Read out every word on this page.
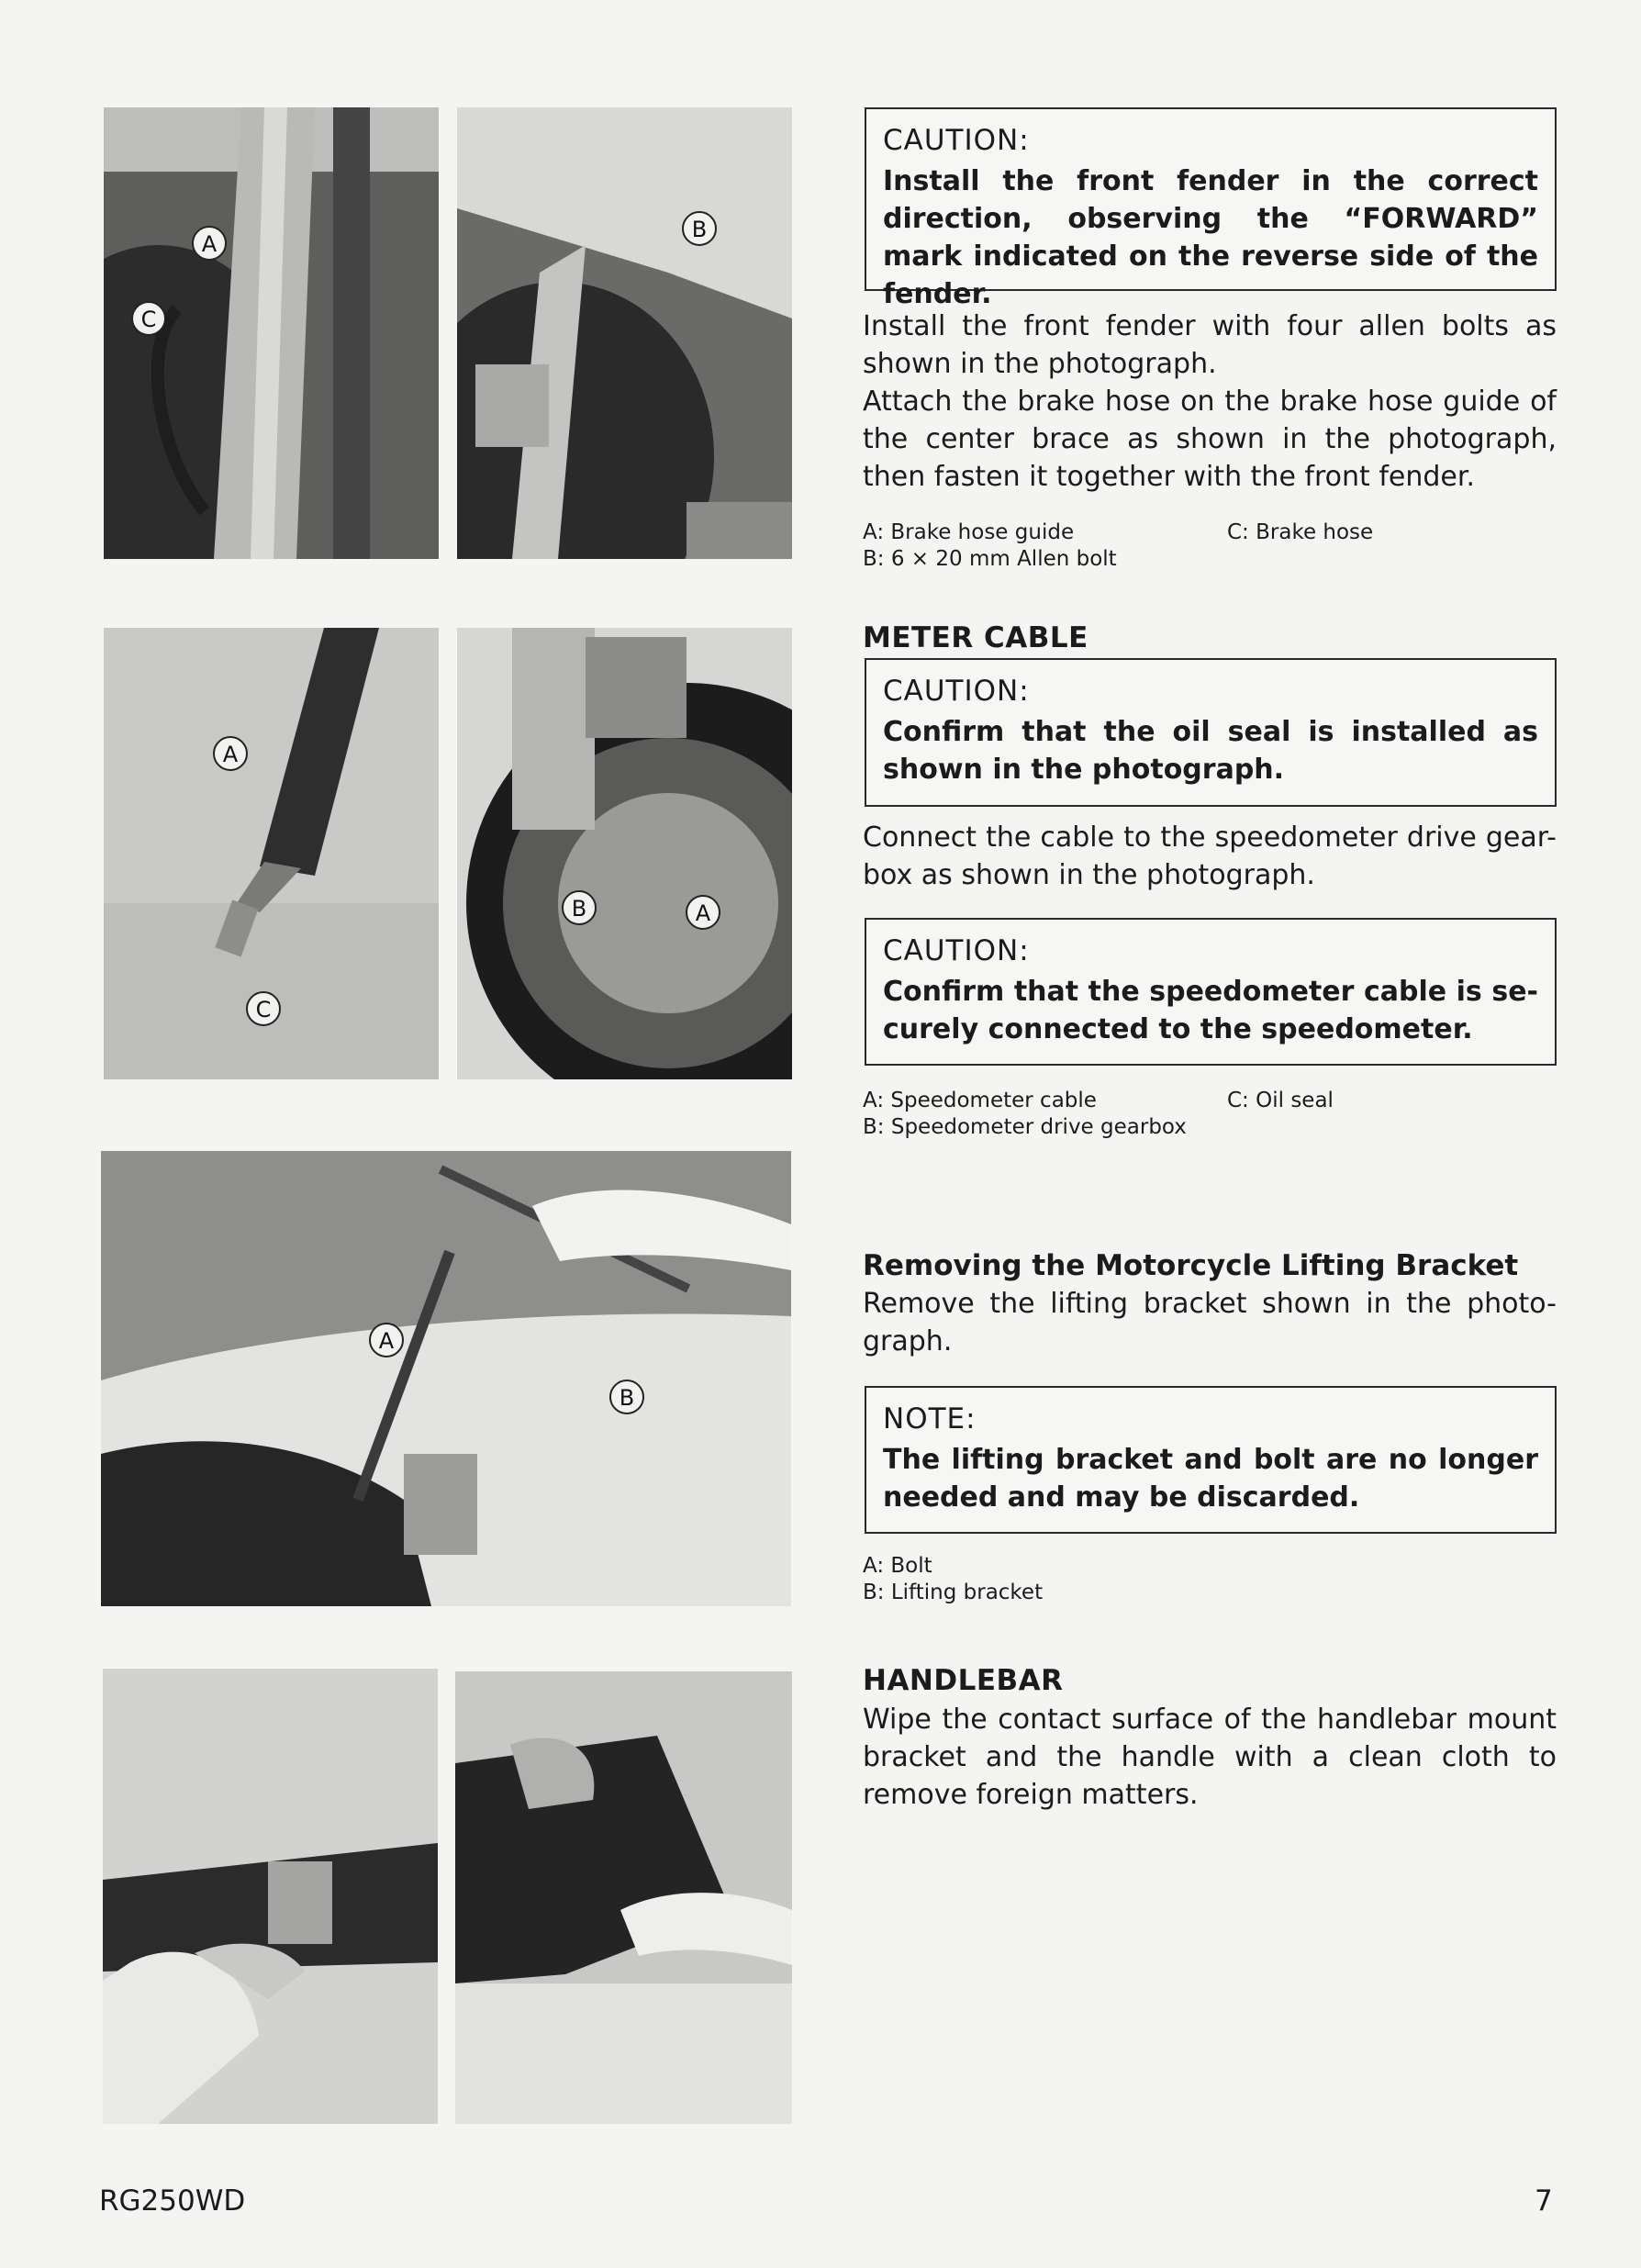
A
C
B
A
C
B	A
A
B
CAUTION:
Install the front fender in the correct direction, observing the “FORWARD” mark indicated on the reverse side of the fender.
Install the front fender with four allen bolts as shown in the photograph.
Attach the brake hose on the brake hose guide of the center brace as shown in the photograph, then fasten it together with the front fender.
A: Brake hose guide	C: Brake hose
B: 6 × 20 mm Allen bolt
METER CABLE
CAUTION:
Confirm that the oil seal is installed as shown in the photograph.
Connect the cable to the speedometer drive gear-box as shown in the photograph.
CAUTION:
Confirm that the speedometer cable is se-curely connected to the speedometer.
A: Speedometer cable	C: Oil seal
B: Speedometer drive gearbox
Removing the Motorcycle Lifting Bracket
Remove the lifting bracket shown in the photo-graph.
NOTE:
The lifting bracket and bolt are no longer needed and may be discarded.
A: Bolt
B: Lifting bracket
HANDLEBAR
Wipe the contact surface of the handlebar mount bracket and the handle with a clean cloth to remove foreign matters.
RG250WD	7
